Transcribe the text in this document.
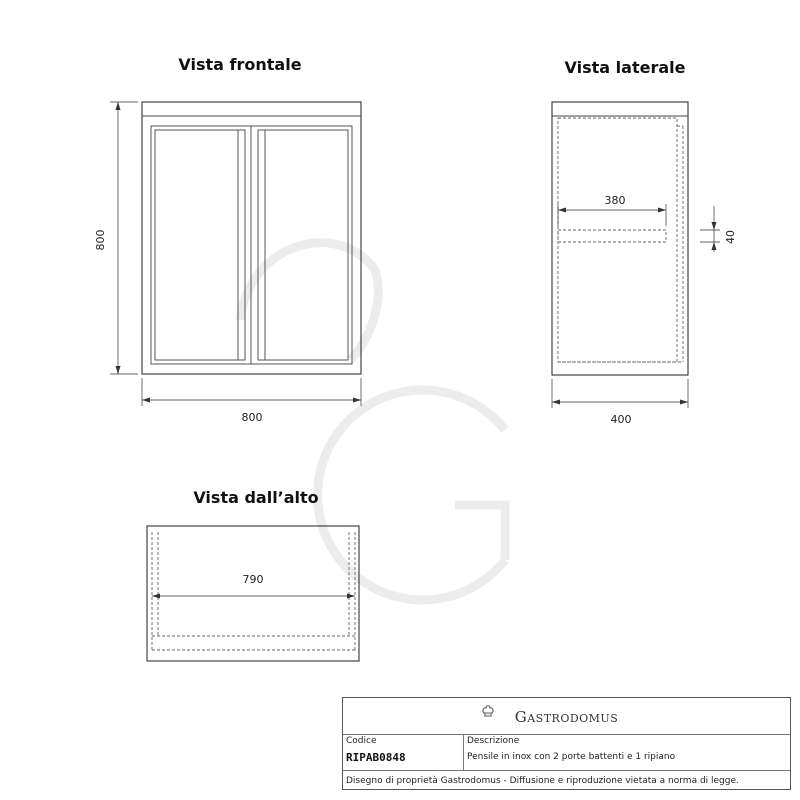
Vista frontale
800
800
Vista laterale
380
40
400
Vista dall’alto
790
Gastrodomus
Codice
RIPAB0848
Descrizione
Pensile in inox con 2 porte battenti e 1 ripiano
Disegno di proprietà Gastrodomus - Diffusione e riproduzione vietata a norma di legge.
